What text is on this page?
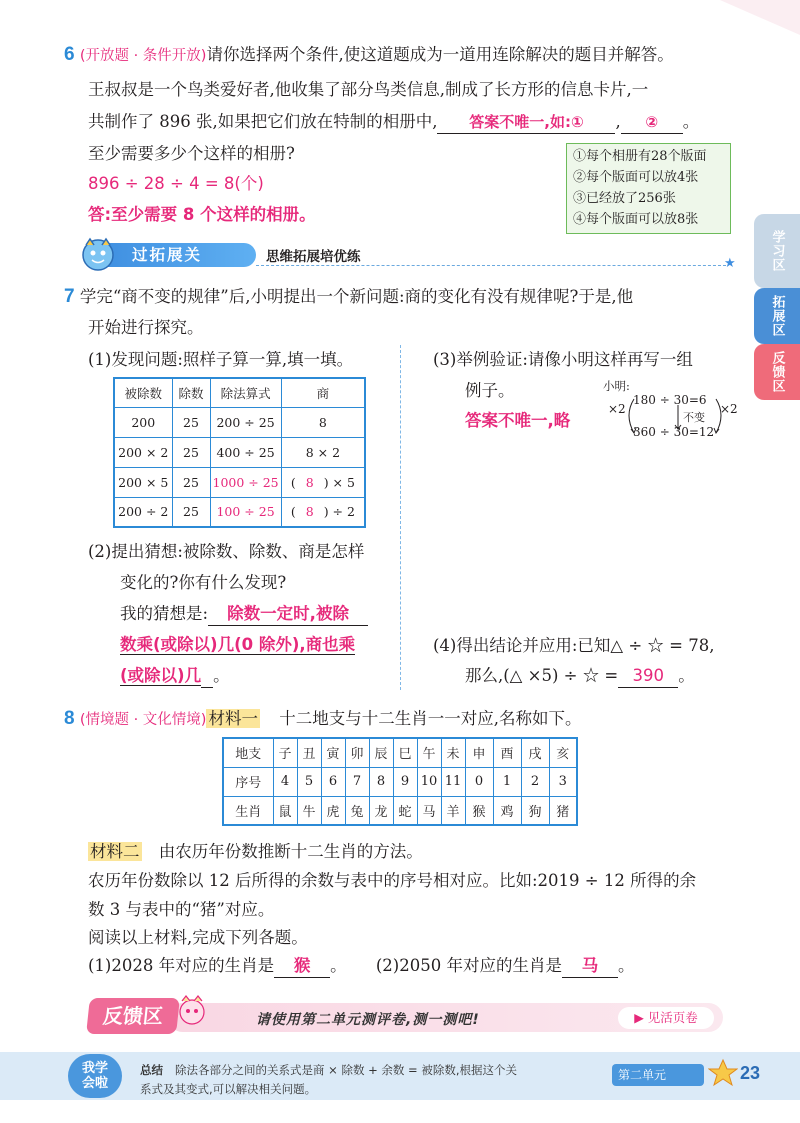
6 (开放题 · 条件开放)请你选择两个条件,使这道题成为一道用连除解决的题目并解答。
王叔叔是一个鸟类爱好者,他收集了部分鸟类信息,制成了长方形的信息卡片,一
共制作了 896 张,如果把它们放在特制的相册中, 答案不唯一,如:① , ② 。
至少需要多少个这样的相册?
896 ÷ 28 ÷ 4 = 8(个)
答:至少需要 8 个这样的相册。
①每个相册有28个版面
②每个版面可以放4张
③已经放了256张
④每个版面可以放8张
过拓展关	思维拓展培优练	★	学习区
拓展区
反馈区
7 学完“商不变的规律”后,小明提出一个新问题:商的变化有没有规律呢?于是,他
开始进行探究。
(1)发现问题:照样子算一算,填一填。
被除数	除数	除法算式	商
200	25	200 ÷ 25	8
200 × 2	25	400 ÷ 25	8 × 2
200 × 5	25	1000 ÷ 25	( 8 ) × 5
200 ÷ 2	25	100 ÷ 25	( 8 ) ÷ 2
(2)提出猜想:被除数、除数、商是怎样
变化的?你有什么发现?
我的猜想是: 除数一定时,被除
数乘(或除以)几(0 除外),商也乘
(或除以)几 。
(3)举例验证:请像小明这样再写一组
例子。
答案不唯一,略
小明:
180 ÷ 30=6
360 ÷ 30=12
×2	×2
不变
(4)得出结论并应用:已知△ ÷ ☆ = 78,
那么,(△ ×5) ÷ ☆ = 390 。
8 (情境题 · 文化情境) 材料一 十二地支与十二生肖一一对应,名称如下。
地支	子	丑	寅	卯	辰	巳	午	未	申	酉	戌	亥
序号	4	5	6	7	8	9	10	11	0	1	2	3
生肖	鼠	牛	虎	兔	龙	蛇	马	羊	猴	鸡	狗	猪
材料二 由农历年份数推断十二生肖的方法。
农历年份数除以 12 后所得的余数与表中的序号相对应。比如:2019 ÷ 12 所得的余
数 3 与表中的“猪”对应。
阅读以上材料,完成下列各题。
(1)2028 年对应的生肖是 猴 。 (2)2050 年对应的生肖是 马 。
反馈区	请使用第二单元测评卷,测一测吧!	▶ 见活页卷
我学
会啦
总结 除法各部分之间的关系式是商 × 除数 + 余数 = 被除数,根据这个关
系式及其变式,可以解决相关问题。
第二单元	23
